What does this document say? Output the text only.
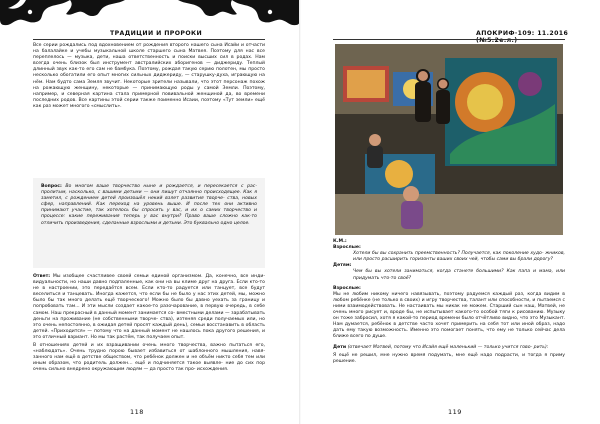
ТРАДИЦИИ И ПРОРОКИ

Все серии рождались под вдохновением от рождения второго нашего сына Исайи и отчасти на балалайке и учебы музыкальной школе старшего сына Матвея. Поэтому для нас все переплелось — музыка, дети, наша ответственность и поиски высших сил в родах. Нам всегда очень близок был инструмент австралийских аборигенов — диджериду. Теплый длинный звук как-то его сам не бамбука. Поэтому, рождая такую серию полотен, мы просто несколько обогатили его опыт многих сильных диджериду, — старушку-духа, играющую на нём. Нам будто сама Земля звучит. Некоторые зрители называли, что этот персонаж похож на рожающую женщину, некоторые — принимающую роды у самой Земли. Поэтому, например, и северная картина стала примерной повивальной женщиной да, во времени последних родов. Все картины этой серии также поименно Исаии, поэтому «Тут земли» ещё как раз может многого «смыслить».

Вопрос: Во многом ваше творчество ныне и рождается, и пересекается с рас- пролитым, насколько, с вашими детьми — они пишут отчаянно происходящее. Как я заметил, с рождением детей произошёл некий взлет развития творче- ства, новых сфер, направлений. Как переход на уровень выше. И после тех они активно принимают участие, так хотелось бы спросить у вас, и их о самих творчество и процессе: какие переживания теперь у вас внутри? Право ваше сложно как-то отличить произведения, сделанные взрослыми и детьми. Это буквально одно целое.

Ответ: Мы изобщее счастливее своей семьи единой организмом. Да, конечно, все инди- видуальности, но наши давно подпаленные, как они на вы климе друг на друга. Если кто-то не в настроении, это передаётся всем. Если кто-то радуется или танцует, все будут веселиться и танцевать. Иногда кажется, что если бы не было у нас этих детей, мы, можно было бы так много делать ещё творческого! Можно было бы давно уехать за границу и попробовать там... И эти мысли создает какое-то разочарование, в первую очередь, в себе самом. Наш прекрасный в данный момент занимается со- вместными делами — зарабатывать деньги на проживание (не собственными творче- ства), изтеняя среди получаемых или, но это очень непостоянно, в ожидая детей просят каждый день), семьи восстанавить в область детей. «Приходится» — потому что на данный момент не нашлось пока другого решения, и это отличный вариант. Но мы так растём, так получаем опыт.

В отношениях детей и их взращивании очень много творчества, важно пытаться его, «наблюдать». Очень трудно порою бывает избавиться от шаблонного мышления, навя- занного нам ещё в детстве обществом, что ребёнок должен и не объём никто себя тем или иным образом, что родитель должен... ещё и подчиняется такое выявле- ние до сих пор очень сильно внедрено окружающим людям — да просто так про- исхождения.

118
АПОКРИФ·109: 11.2016 (№5.2е.л.)
К.М.:
Взрослые:
Хотели бы вы сохранить преемственность? Получается, как поколение худо- жников, или просто расширить горизонты ваших своих чей, чтобы сами вы брали дорогу?
Детям:
Чем бы вы хотели заниматься, когда станете большими? Как папа и мама, или придумать что-то своё?
Взрослые:

Мы не любим никому ничего навязывать, поэтому радуемся каждый раз, когда видим в любом ребёнке (не только в своих) и игру творчества, талант или способности, и пытаемся с ними взаимодействовать. Не настаивать мы никак не можем. Старший сын наш, Матвей, не очень много рисует и, вроде бы, не испытывает какого-то особой тяги к рисованию. Музыку он тоже забросил, хотя я какой-то период времени было отчётливо видно, что это Музыкант. Нам думается, ребёнок в детстве часто хочет примерить на себя тот или иной образ, надо дать ему такую возможность. Именно это помогает понять, что ему не только сейчас дела ближе всего по душе.

Дети (отвечает Матвей, потому что Исайя ещё маленький — только учится гово- рить):

Я ещё не решил, мне нужно время подумать, мне ещё надо подрасти, и тогда я приму решение.

119
